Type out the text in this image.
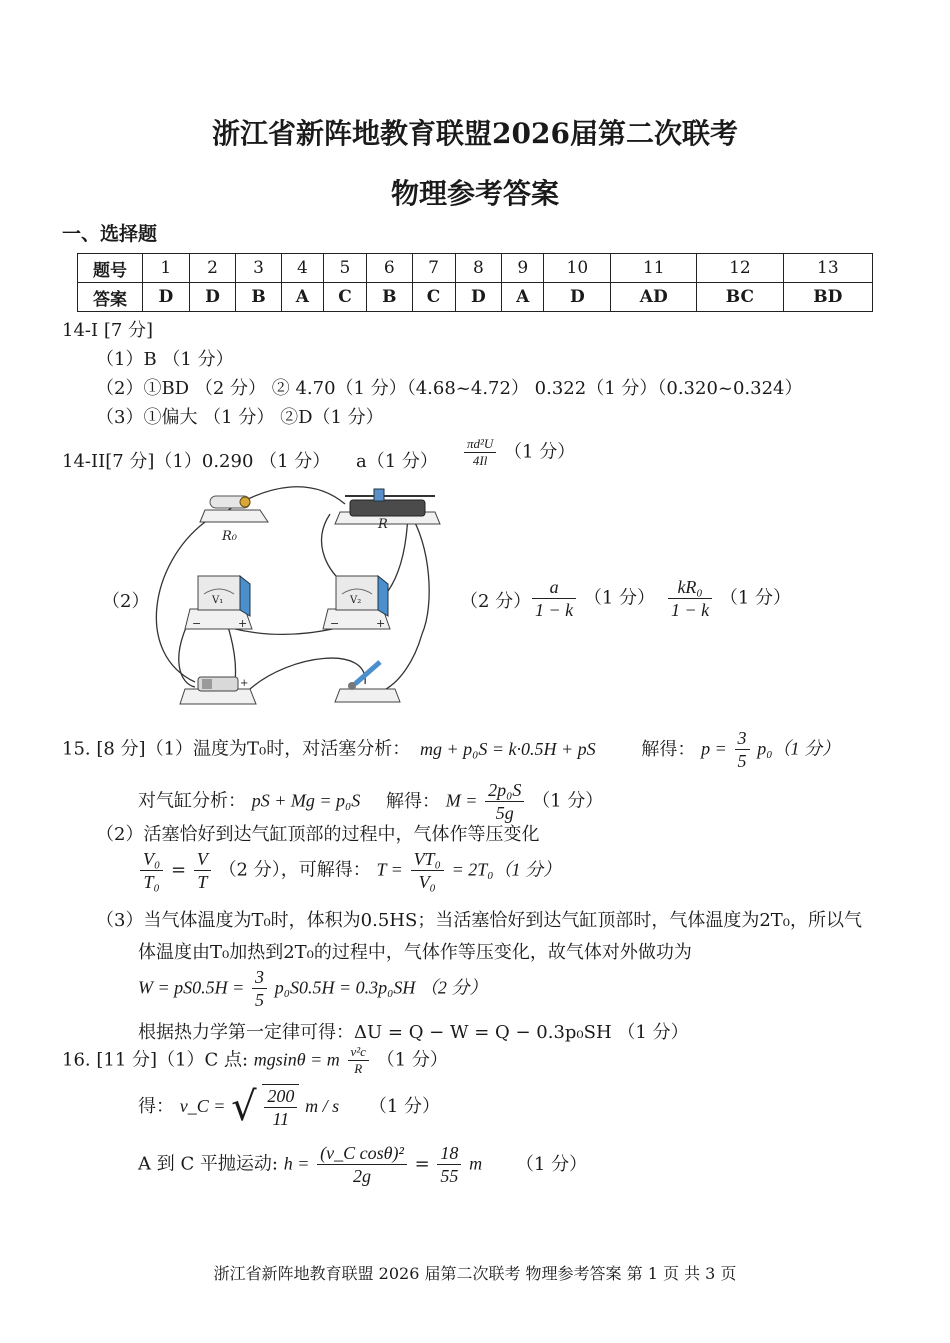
浙江省新阵地教育联盟2026届第二次联考
物理参考答案
一、选择题
题号	1	2	3	4	5	6	7	8	9	10	11	12	13
答案	D	D	B	A	C	B	C	D	A	D	AD	BC	BD
14-I [7 分]
（1）B （1 分）
（2）①BD （2 分） ② 4.70（1 分）（4.68~4.72） 0.322（1 分）（0.320~0.324）
（3）①偏大 （1 分） ②D（1 分）
14-II[7 分]（1）0.290 （1 分） a（1 分） $\frac{\text{πd²U}}{4Il} (1$ 分）
（2）
R₀
R
V₁
−	+
V₂
−	+
+
（2 分） $\frac{a}{1 - k} (1$ 分） $\frac{\text{kR₀}}{1 - k} (1$ 分）
15. [8 分]（1）温度为T₀时，对活塞分析： mg + p₀S = k·0.5H + pS	解得： $p = \frac{3}{5} p_0(1$ 分）
对气缸分析： pS + Mg = p₀S 解得： $M = \frac{\text{2p₀S}}{5g} (1$ 分）
（2）活塞恰好到达气缸顶部的过程中，气体作等压变化
$\frac{\text{V₀}}{\text{T₀}} = \frac{V}{T} (2$ 分），可解得： $T = \frac{\text{VT₀}}{\text{V₀}} = 2T_0(1$ 分）
（3）当气体温度为T₀时，体积为0.5HS；当活塞恰好到达气缸顶部时，气体温度为2T₀，所以气
体温度由T₀加热到2T₀的过程中，气体作等压变化，故气体对外做功为
$W = pS0.5H = \frac{3}{5} p_0S0.5H = 0.3p_0SH$ （2 分）
根据热力学第一定律可得：ΔU = Q − W = Q − 0.3p₀SH （1 分）
16. [11 分]（1）C 点: mgsinθ = m $\frac{\text{v²c}}{R} (1$ 分）
得： v_C = √ $\frac{200}{11}$ m / s （1 分）
A 到 C 平抛运动: $h = \frac{\text{(v\_C cosθ)²}}{2g} = \frac{18}{55}$ m （1 分）
浙江省新阵地教育联盟 2026 届第二次联考 物理参考答案 第 1 页 共 3 页
